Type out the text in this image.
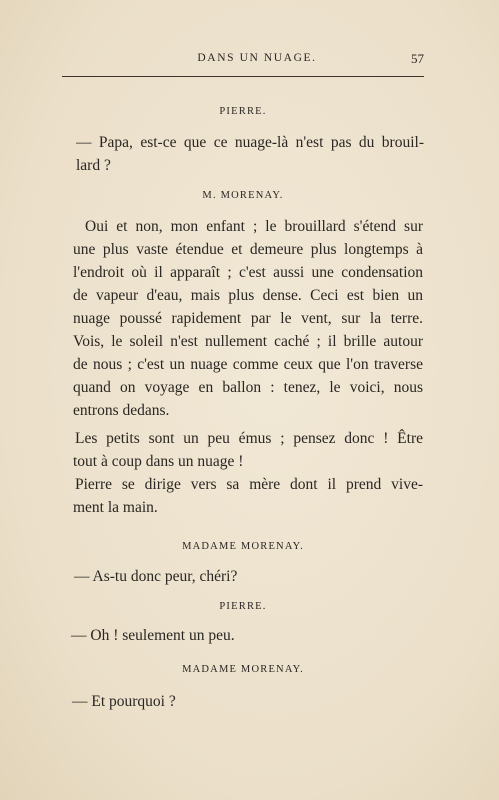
DANS UN NUAGE.	57
PIERRE.
— Papa, est-ce que ce nuage-là n'est pas du brouil-
lard ?
M. MORENAY.
Oui et non, mon enfant ; le brouillard s'étend sur
une plus vaste étendue et demeure plus longtemps à
l'endroit où il apparaît ; c'est aussi une condensation
de vapeur d'eau, mais plus dense. Ceci est bien un
nuage poussé rapidement par le vent, sur la terre.
Vois, le soleil n'est nullement caché ; il brille autour
de nous ; c'est un nuage comme ceux que l'on traverse
quand on voyage en ballon : tenez, le voici, nous
entrons dedans.
Les petits sont un peu émus ; pensez donc ! Être
tout à coup dans un nuage !
Pierre se dirige vers sa mère dont il prend vive-
ment la main.
MADAME MORENAY.
— As-tu donc peur, chéri?
PIERRE.
— Oh ! seulement un peu.
MADAME MORENAY.
— Et pourquoi ?
